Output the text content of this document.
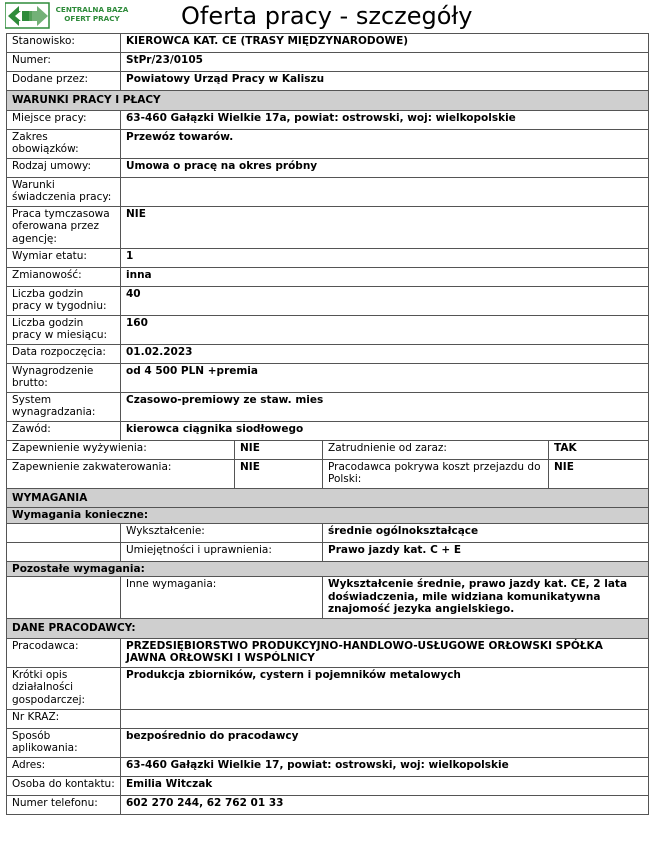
CENTRALNA BAZA
OFERT PRACY	Oferta pracy - szczegóły
Stanowisko:	KIEROWCA KAT. CE (TRASY MIĘDZYNARODOWE)			
Numer:	StPr/23/0105			
Dodane przez:	Powiatowy Urząd Pracy w Kaliszu			
WARUNKI PRACY I PŁACY				
Miejsce pracy:	63-460 Gałązki Wielkie 17a, powiat: ostrowski, woj: wielkopolskie			
Zakres obowiązków:	Przewóz towarów.			
Rodzaj umowy:	Umowa o pracę na okres próbny			
Warunki świadczenia pracy:				
Praca tymczasowa oferowana przez agencję:	NIE			
Wymiar etatu:	1			
Zmianowość:	inna			
Liczba godzin pracy w tygodniu:	40			
Liczba godzin pracy w miesiącu:	160			
Data rozpoczęcia:	01.02.2023			
Wynagrodzenie brutto:	od 4 500 PLN +premia			
System wynagradzania:	Czasowo-premiowy ze staw. mies			
Zawód:	kierowca ciągnika siodłowego			
Zapewnienie wyżywienia:		NIE	Zatrudnienie od zaraz:	TAK
Zapewnienie zakwaterowania:		NIE	Pracodawca pokrywa koszt przejazdu do Polski:	NIE
WYMAGANIA				
Wymagania konieczne:				
	Wykształcenie:		średnie ogólnokształcące	
	Umiejętności i uprawnienia:		Prawo jazdy kat. C + E	
Pozostałe wymagania:				
	Inne wymagania:		Wykształcenie średnie, prawo jazdy kat. CE, 2 lata doświadczenia, mile widziana komunikatywna znajomość jezyka angielskiego.	
DANE PRACODAWCY:				
Pracodawca:	PRZEDSIĘBIORSTWO PRODUKCYJNO-HANDLOWO-USŁUGOWE ORŁOWSKI SPÓŁKA JAWNA ORŁOWSKI I WSPÓLNICY			
Krótki opis działalności gospodarczej:	Produkcja zbiorników, cystern i pojemników metalowych			
Nr KRAZ:				
Sposób aplikowania:	bezpośrednio do pracodawcy			
Adres:	63-460 Gałązki Wielkie 17, powiat: ostrowski, woj: wielkopolskie			
Osoba do kontaktu:	Emilia Witczak			
Numer telefonu:	602 270 244, 62 762 01 33			
